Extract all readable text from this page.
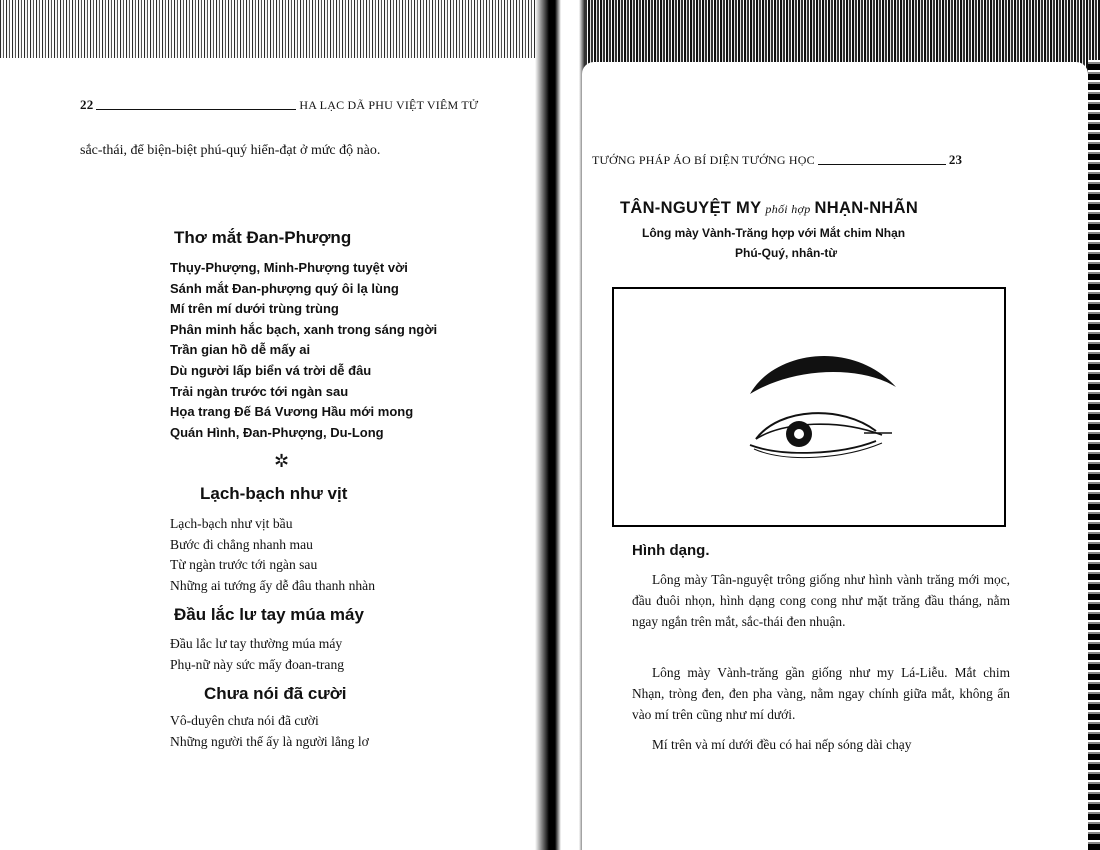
22	HA LẠC DÃ PHU VIỆT VIÊM TỬ
sắc-thái, để biện-biệt phú-quý hiển-đạt ở mức độ nào.
Thơ mắt Đan-Phượng
Thụy-Phượng, Minh-Phượng tuyệt vời
Sánh mắt Đan-phượng quý ôi lạ lùng
Mí trên mí dưới trùng trùng
Phân minh hắc bạch, xanh trong sáng ngời
Trần gian hồ dễ mấy ai
Dù người lấp biển vá trời dễ đâu
Trải ngàn trước tới ngàn sau
Họa trang Đế Bá Vương Hầu mới mong
Quán Hình, Đan-Phượng, Du-Long
✲
Lạch-bạch như vịt
Lạch-bạch như vịt bầu
Bước đi chẳng nhanh mau
Từ ngàn trước tới ngàn sau
Những ai tướng ấy dễ đâu thanh nhàn
Đầu lắc lư tay múa máy
Đầu lắc lư tay thường múa máy
Phụ-nữ này sức mấy đoan-trang
Chưa nói đã cười
Vô-duyên chưa nói đã cười
Những người thế ấy là người lẳng lơ
TƯỚNG PHÁP ÁO BÍ DIỆN TƯỚNG HỌC	23
TÂN-NGUYỆT MY phối hợp NHẠN-NHÃN
Lông mày Vành-Trăng hợp với Mắt chim Nhạn
Phú-Quý, nhân-từ
Hình dạng.
Lông mày Tân-nguyệt trông giống như hình vành trăng mới mọc, đầu đuôi nhọn, hình dạng cong cong như mặt trăng đầu tháng, nằm ngay ngắn trên mắt, sắc-thái đen nhuận.
Lông mày Vành-trăng gần giống như my Lá-Liễu. Mắt chim Nhạn, tròng đen, đen pha vàng, nằm ngay chính giữa mắt, không ẩn vào mí trên cũng như mí dưới.
Mí trên và mí dưới đều có hai nếp sóng dài chạy
